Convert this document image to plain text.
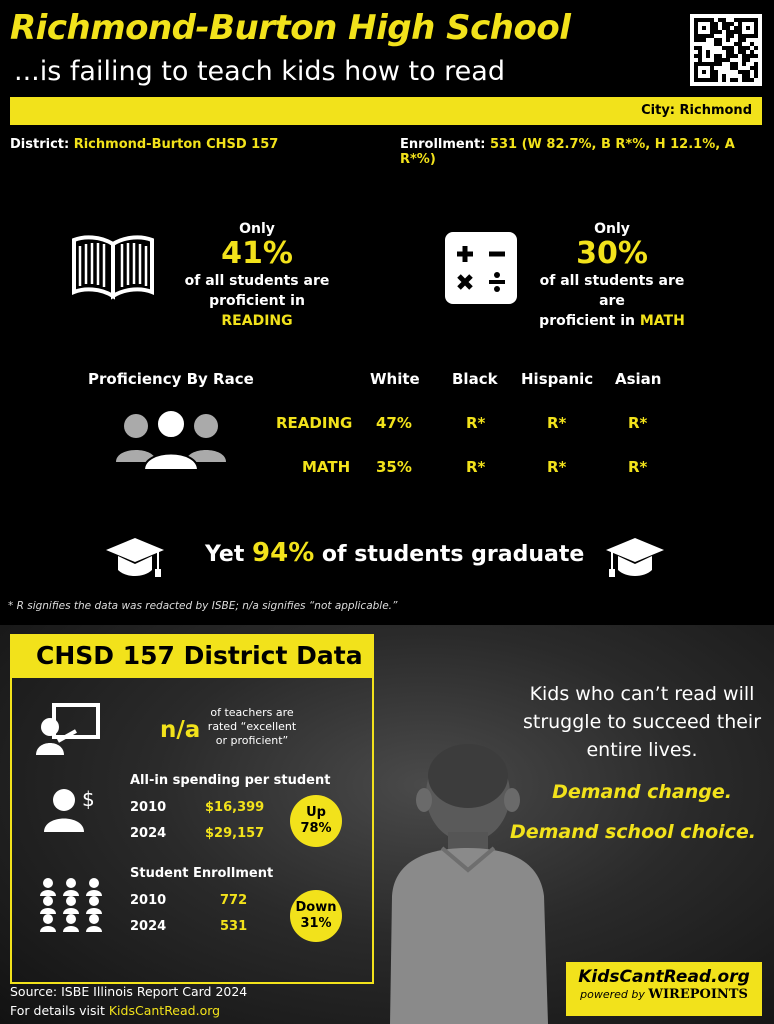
Richmond-Burton High School
...is failing to teach kids how to read
City: Richmond
District: Richmond-Burton CHSD 157	Enrollment: 531 (W 82.7%, B R*%, H 12.1%, A R*%)
Only
41%
of all students are
proficient in READING
Only
30%
of all students are are
proficient in MATH
Proficiency By Race	White Black Hispanic Asian
READING 47%	R*	R*	R*
MATH 35%	R*	R*	R*
Yet 94% of students graduate
* R signifies the data was redacted by ISBE; n/a signifies “not applicable.”
CHSD 157 District Data
n/a
of teachers are
rated “excellent
or proficient”
All-in spending per student
$	2010	$16,399
2024	$29,157
Up
78%
Student Enrollment
2010	772
2024	531
Down
31%
Kids who can’t read will
struggle to succeed their
entire lives.
Demand change.
Demand school choice.
Source: ISBE Illinois Report Card 2024
For details visit KidsCantRead.org
KidsCantRead.org
powered by WIREPOINTS
